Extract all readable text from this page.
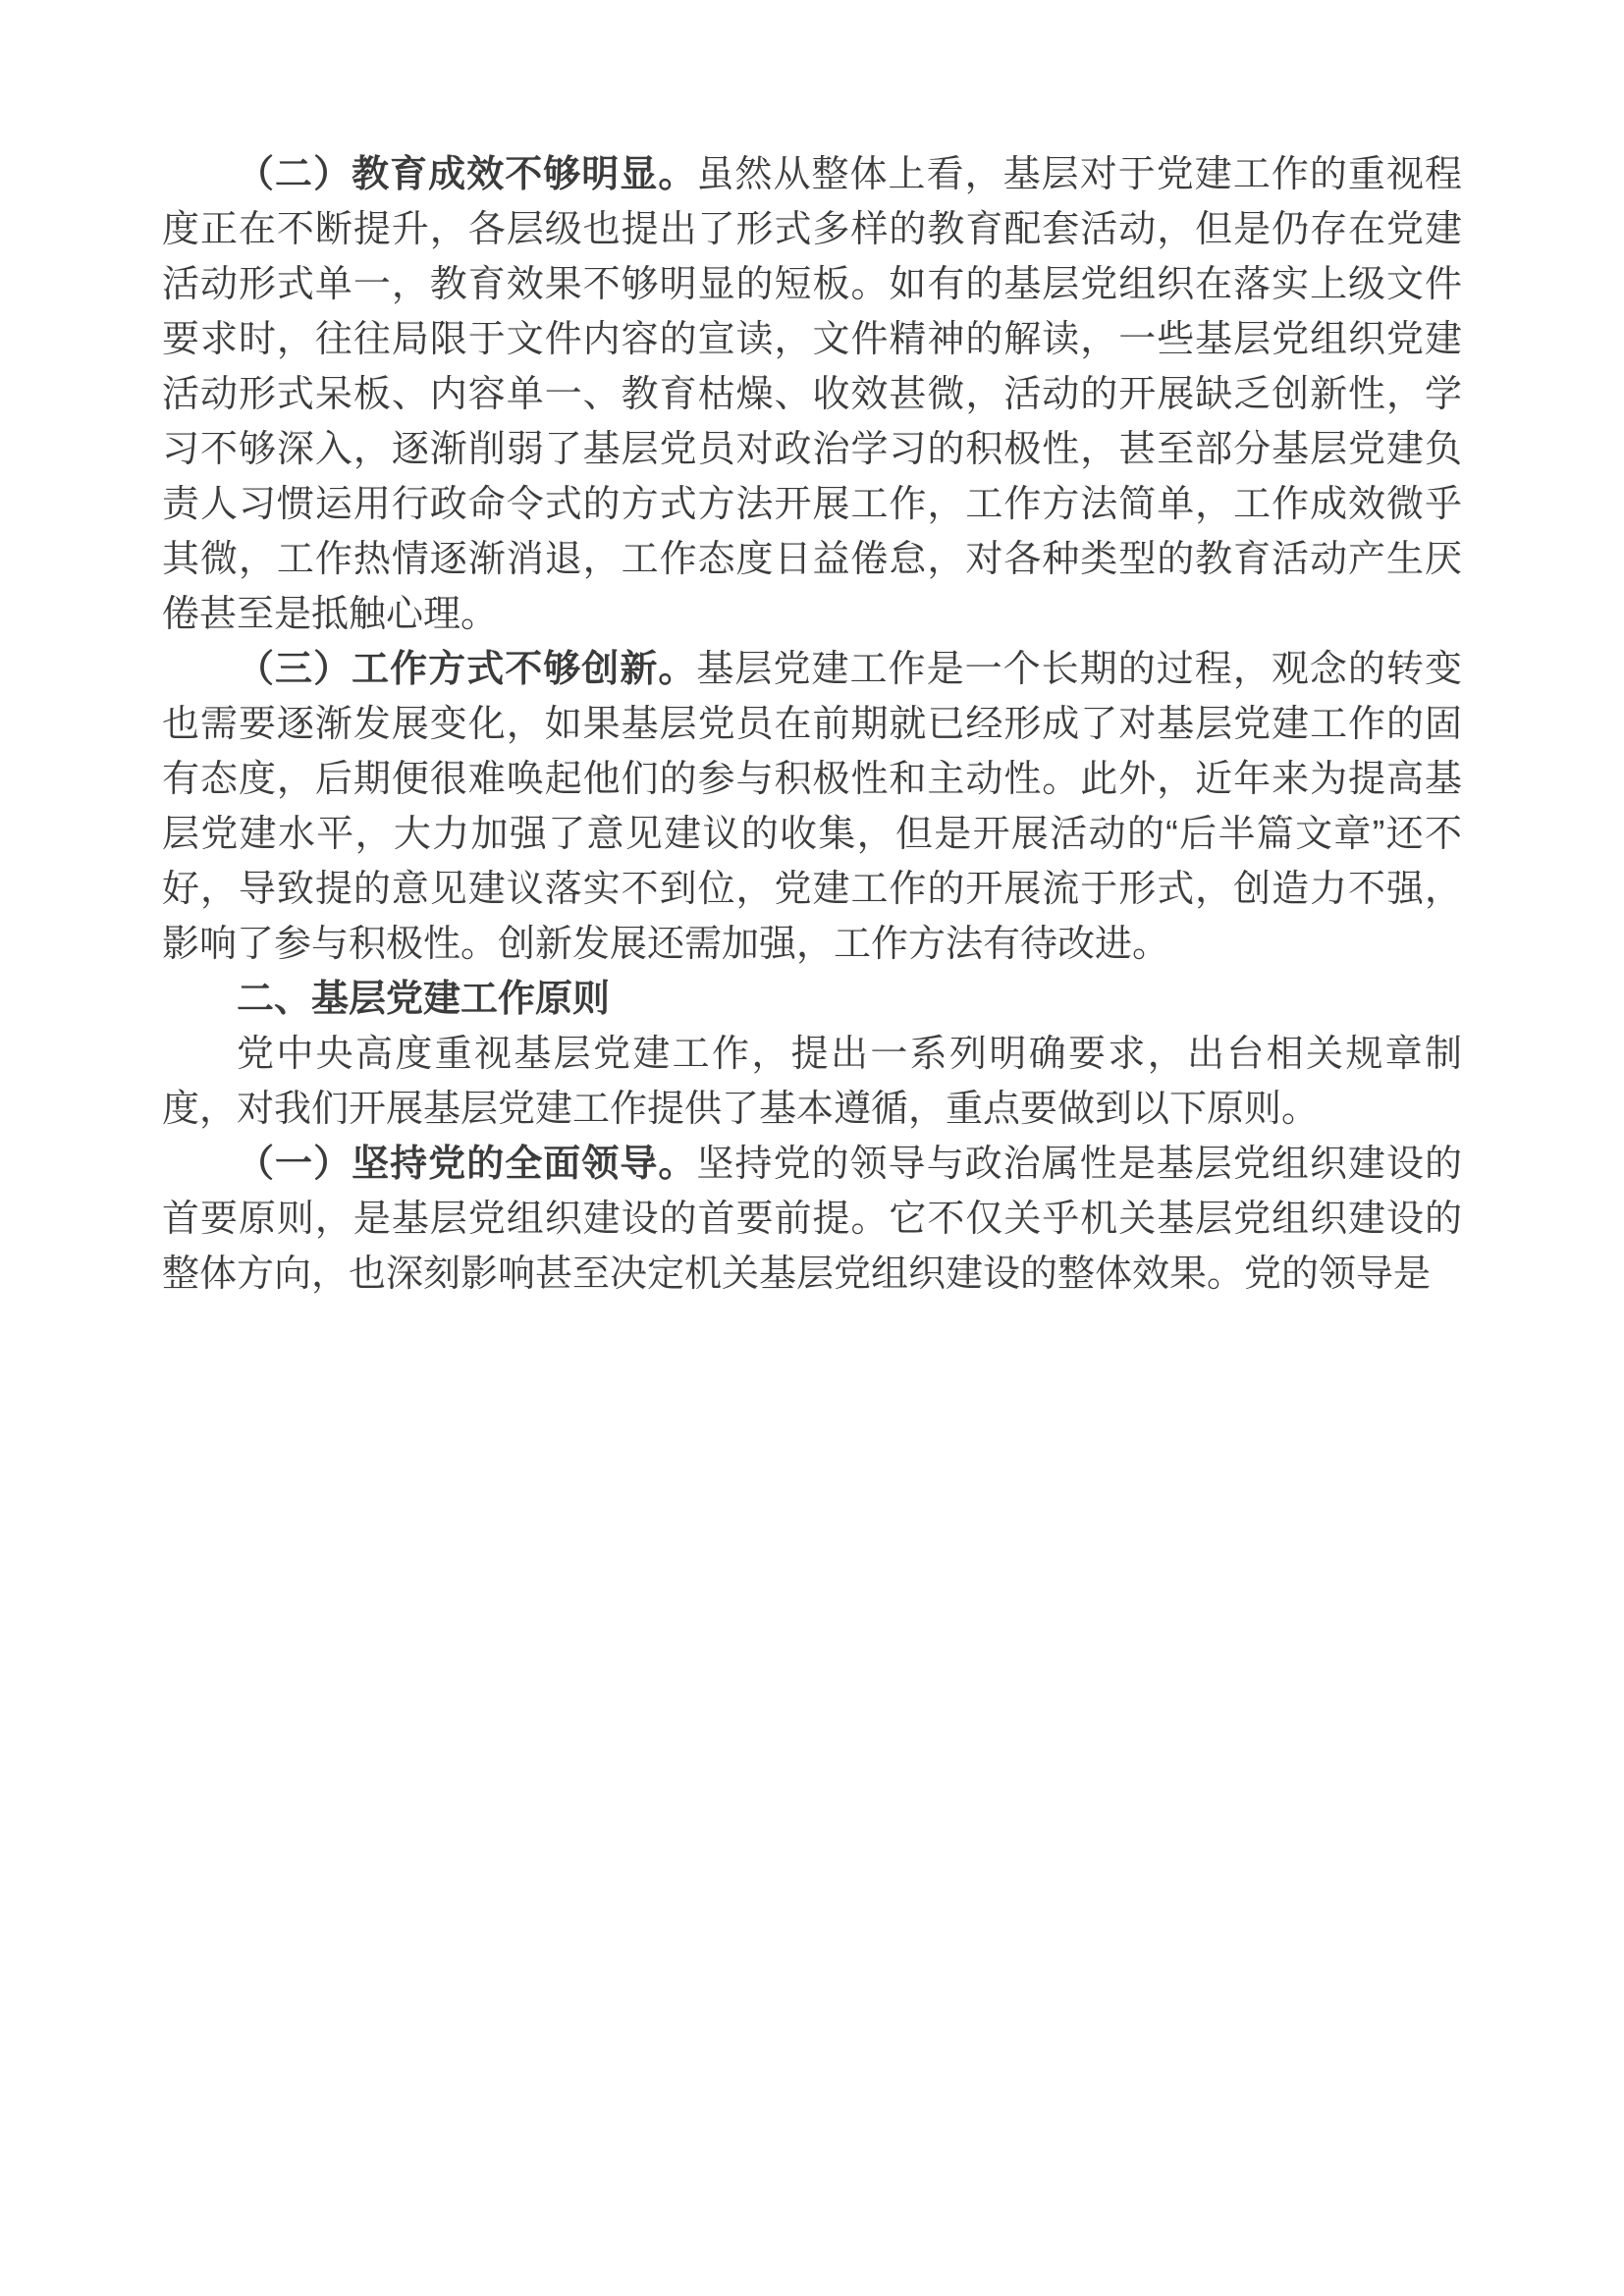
（二）教育成效不够明显。虽然从整体上看，基层对于党建工作的重视程度正在不断提升，各层级也提出了形式多样的教育配套活动，但是仍存在党建活动形式单一，教育效果不够明显的短板。如有的基层党组织在落实上级文件要求时，往往局限于文件内容的宣读，文件精神的解读，一些基层党组织党建活动形式呆板、内容单一、教育枯燥、收效甚微，活动的开展缺乏创新性，学习不够深入，逐渐削弱了基层党员对政治学习的积极性，甚至部分基层党建负责人习惯运用行政命令式的方式方法开展工作，工作方法简单，工作成效微乎其微，工作热情逐渐消退，工作态度日益倦怠，对各种类型的教育活动产生厌倦甚至是抵触心理。

（三）工作方式不够创新。基层党建工作是一个长期的过程，观念的转变也需要逐渐发展变化，如果基层党员在前期就已经形成了对基层党建工作的固有态度，后期便很难唤起他们的参与积极性和主动性。此外，近年来为提高基层党建水平，大力加强了意见建议的收集，但是开展活动的“后半篇文章”还不好，导致提的意见建议落实不到位，党建工作的开展流于形式，创造力不强，影响了参与积极性。创新发展还需加强，工作方法有待改进。

二、基层党建工作原则

党中央高度重视基层党建工作，提出一系列明确要求，出台相关规章制度，对我们开展基层党建工作提供了基本遵循，重点要做到以下原则。

（一）坚持党的全面领导。坚持党的领导与政治属性是基层党组织建设的首要原则，是基层党组织建设的首要前提。它不仅关乎机关基层党组织建设的整体方向，也深刻影响甚至决定机关基层党组织建设的整体效果。党的领导是
